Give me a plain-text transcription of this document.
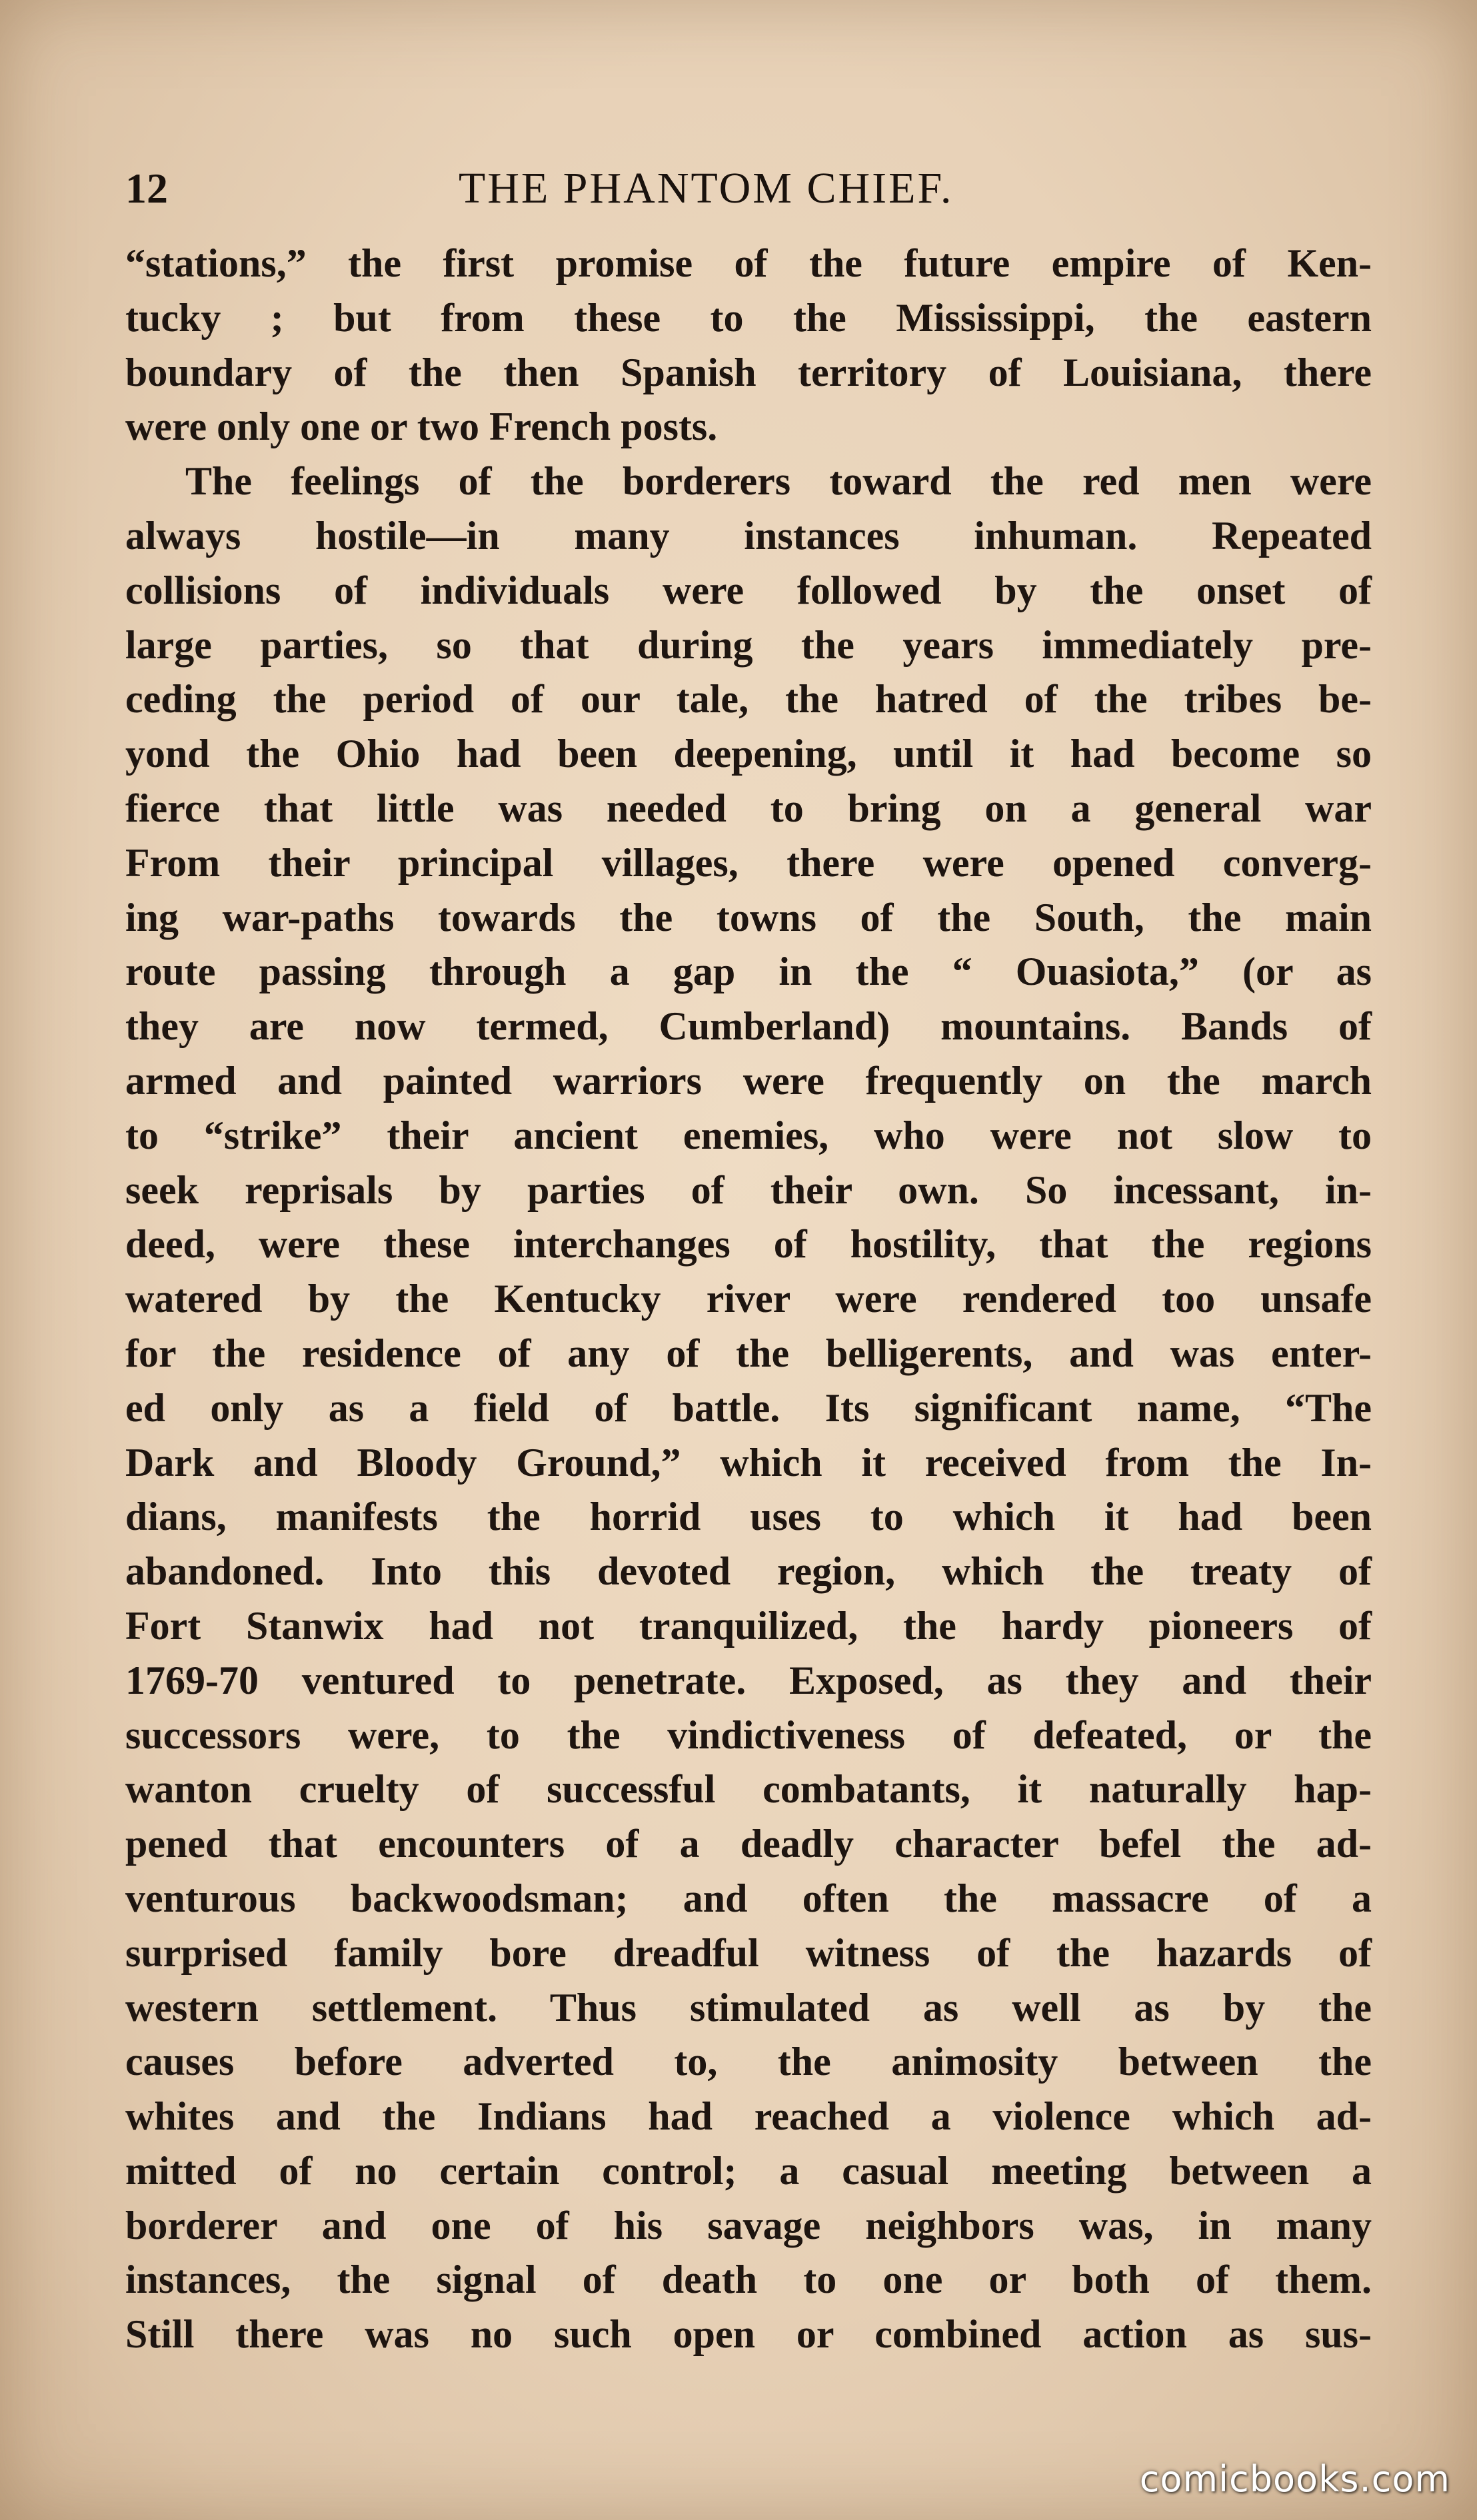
12	THE PHANTOM CHIEF.
“stations,” the first promise of the future empire of Ken-
tucky ; but from these to the Mississippi, the eastern
boundary of the then Spanish territory of Louisiana, there
were only one or two French posts.
The feelings of the borderers toward the red men were
always hostile—in many instances inhuman. Repeated
collisions of individuals were followed by the onset of
large parties, so that during the years immediately pre-
ceding the period of our tale, the hatred of the tribes be-
yond the Ohio had been deepening, until it had become so
fierce that little was needed to bring on a general war
From their principal villages, there were opened converg-
ing war-paths towards the towns of the South, the main
route passing through a gap in the “ Ouasiota,” (or as
they are now termed, Cumberland) mountains. Bands of
armed and painted warriors were frequently on the march
to “strike” their ancient enemies, who were not slow to
seek reprisals by parties of their own. So incessant, in-
deed, were these interchanges of hostility, that the regions
watered by the Kentucky river were rendered too unsafe
for the residence of any of the belligerents, and was enter-
ed only as a field of battle. Its significant name, “The
Dark and Bloody Ground,” which it received from the In-
dians, manifests the horrid uses to which it had been
abandoned. Into this devoted region, which the treaty of
Fort Stanwix had not tranquilized, the hardy pioneers of
1769-70 ventured to penetrate. Exposed, as they and their
successors were, to the vindictiveness of defeated, or the
wanton cruelty of successful combatants, it naturally hap-
pened that encounters of a deadly character befel the ad-
venturous backwoodsman; and often the massacre of a
surprised family bore dreadful witness of the hazards of
western settlement. Thus stimulated as well as by the
causes before adverted to, the animosity between the
whites and the Indians had reached a violence which ad-
mitted of no certain control; a casual meeting between a
borderer and one of his savage neighbors was, in many
instances, the signal of death to one or both of them.
Still there was no such open or combined action as sus-
comicbooks.com
